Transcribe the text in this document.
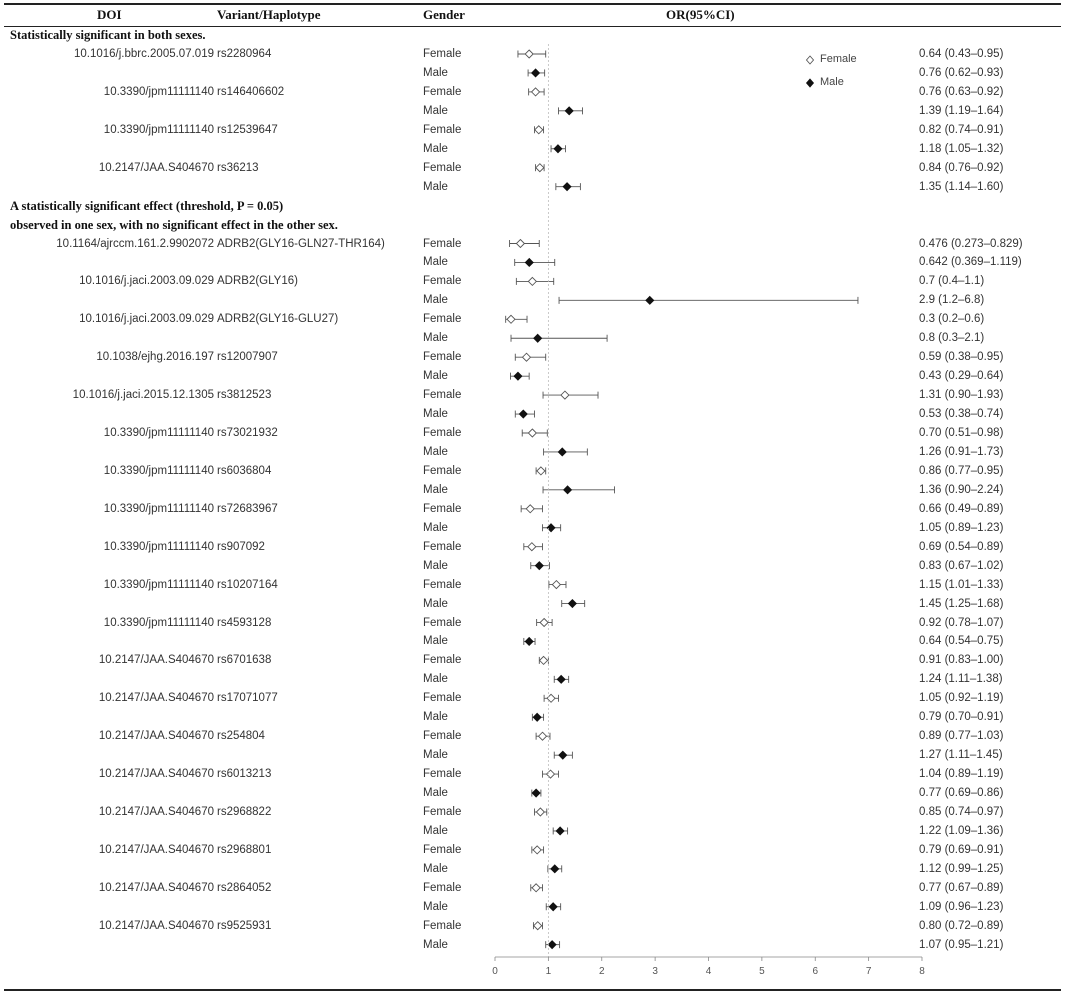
DOI	Variant/Haplotype	Gender	OR(95%CI)
Statistically significant in both sexes.
A statistically significant effect (threshold, P = 0.05)
observed in one sex, with no significant effect in the other sex.
10.1016/j.bbrc.2005.07.019 rs2280964	Female	0.64 (0.43–0.95)
Male	0.76 (0.62–0.93)
10.3390/jpm11111140 rs146406602	Female	0.76 (0.63–0.92)
Male	1.39 (1.19–1.64)
10.3390/jpm11111140 rs12539647	Female	0.82 (0.74–0.91)
Male	1.18 (1.05–1.32)
10.2147/JAA.S404670 rs36213	Female	0.84 (0.76–0.92)
Male	1.35 (1.14–1.60)
10.1164/ajrccm.161.2.9902072 ADRB2(GLY16-GLN27-THR164)	Female	0.476 (0.273–0.829)
Male	0.642 (0.369–1.119)
10.1016/j.jaci.2003.09.029 ADRB2(GLY16)	Female	0.7 (0.4–1.1)
Male	2.9 (1.2–6.8)
10.1016/j.jaci.2003.09.029 ADRB2(GLY16-GLU27)	Female	0.3 (0.2–0.6)
Male	0.8 (0.3–2.1)
10.1038/ejhg.2016.197 rs12007907	Female	0.59 (0.38–0.95)
Male	0.43 (0.29–0.64)
10.1016/j.jaci.2015.12.1305 rs3812523	Female	1.31 (0.90–1.93)
Male	0.53 (0.38–0.74)
10.3390/jpm11111140 rs73021932	Female	0.70 (0.51–0.98)
Male	1.26 (0.91–1.73)
10.3390/jpm11111140 rs6036804	Female	0.86 (0.77–0.95)
Male	1.36 (0.90–2.24)
10.3390/jpm11111140 rs72683967	Female	0.66 (0.49–0.89)
Male	1.05 (0.89–1.23)
10.3390/jpm11111140 rs907092	Female	0.69 (0.54–0.89)
Male	0.83 (0.67–1.02)
10.3390/jpm11111140 rs10207164	Female	1.15 (1.01–1.33)
Male	1.45 (1.25–1.68)
10.3390/jpm11111140 rs4593128	Female	0.92 (0.78–1.07)
Male	0.64 (0.54–0.75)
10.2147/JAA.S404670 rs6701638	Female	0.91 (0.83–1.00)
Male	1.24 (1.11–1.38)
10.2147/JAA.S404670 rs17071077	Female	1.05 (0.92–1.19)
Male	0.79 (0.70–0.91)
10.2147/JAA.S404670 rs254804	Female	0.89 (0.77–1.03)
Male	1.27 (1.11–1.45)
10.2147/JAA.S404670 rs6013213	Female	1.04 (0.89–1.19)
Male	0.77 (0.69–0.86)
10.2147/JAA.S404670 rs2968822	Female	0.85 (0.74–0.97)
Male	1.22 (1.09–1.36)
10.2147/JAA.S404670 rs2968801	Female	0.79 (0.69–0.91)
Male	1.12 (0.99–1.25)
10.2147/JAA.S404670 rs2864052	Female	0.77 (0.67–0.89)
Male	1.09 (0.96–1.23)
10.2147/JAA.S404670 rs9525931	Female	0.80 (0.72–0.89)
Male	1.07 (0.95–1.21)
0	1	2	3	4	5	6	7	8
Female
Male
